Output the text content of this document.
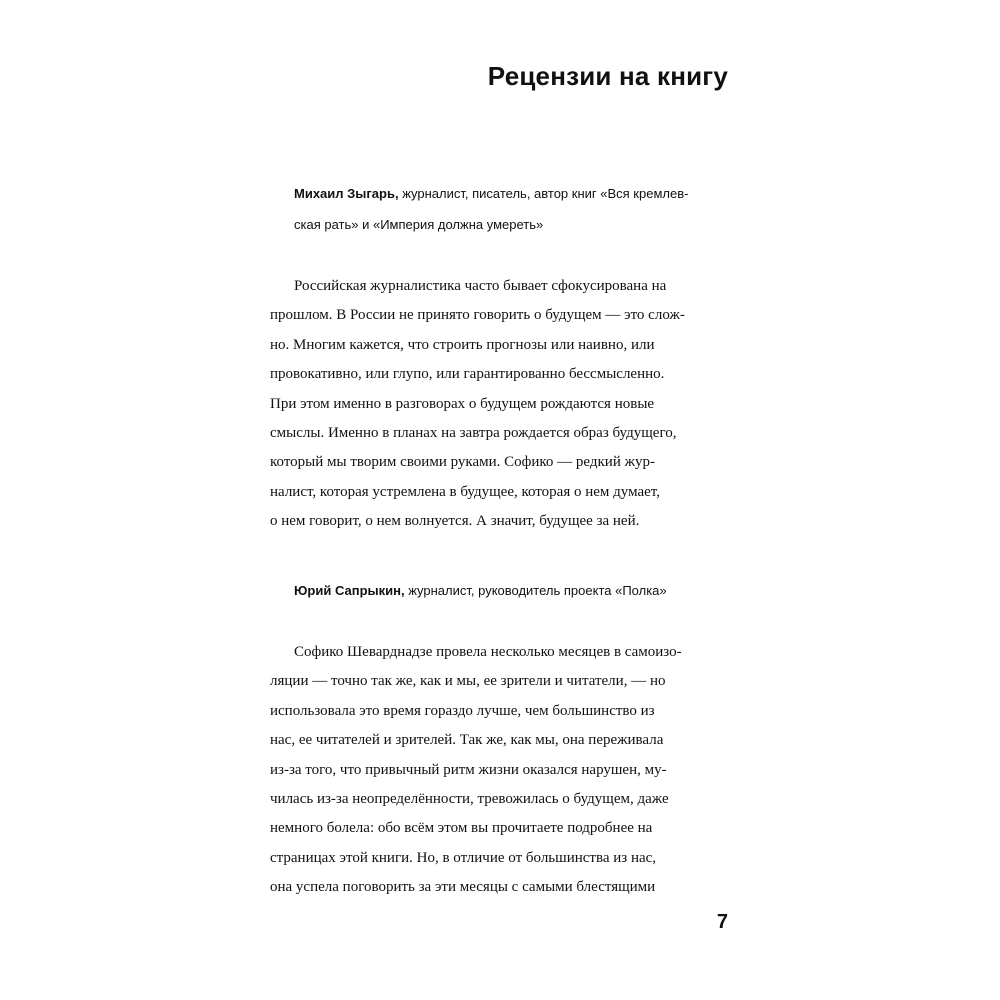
Рецензии на книгу

Михаил Зыгарь, журналист, писатель, автор книг «Вся кремлев-
ская рать» и «Империя должна умереть»

Российская журналистика часто бывает сфокусирована на
прошлом. В России не принято говорить о будущем — это слож-
но. Многим кажется, что строить прогнозы или наивно, или
провокативно, или глупо, или гарантированно бессмысленно.
При этом именно в разговорах о будущем рождаются новые
смыслы. Именно в планах на завтра рождается образ будущего,
который мы творим своими руками. Софико — редкий жур-
налист, которая устремлена в будущее, которая о нем думает,
о нем говорит, о нем волнуется. А значит, будущее за ней.

Юрий Сапрыкин, журналист, руководитель проекта «Полка»

Софико Шеварднадзе провела несколько месяцев в самоизо-
ляции — точно так же, как и мы, ее зрители и читатели, — но
использовала это время гораздо лучше, чем большинство из
нас, ее читателей и зрителей. Так же, как мы, она переживала
из-за того, что привычный ритм жизни оказался нарушен, му-
чилась из-за неопределённости, тревожилась о будущем, даже
немного болела: обо всём этом вы прочитаете подробнее на
страницах этой книги. Но, в отличие от большинства из нас,
она успела поговорить за эти месяцы с самыми блестящими

7
